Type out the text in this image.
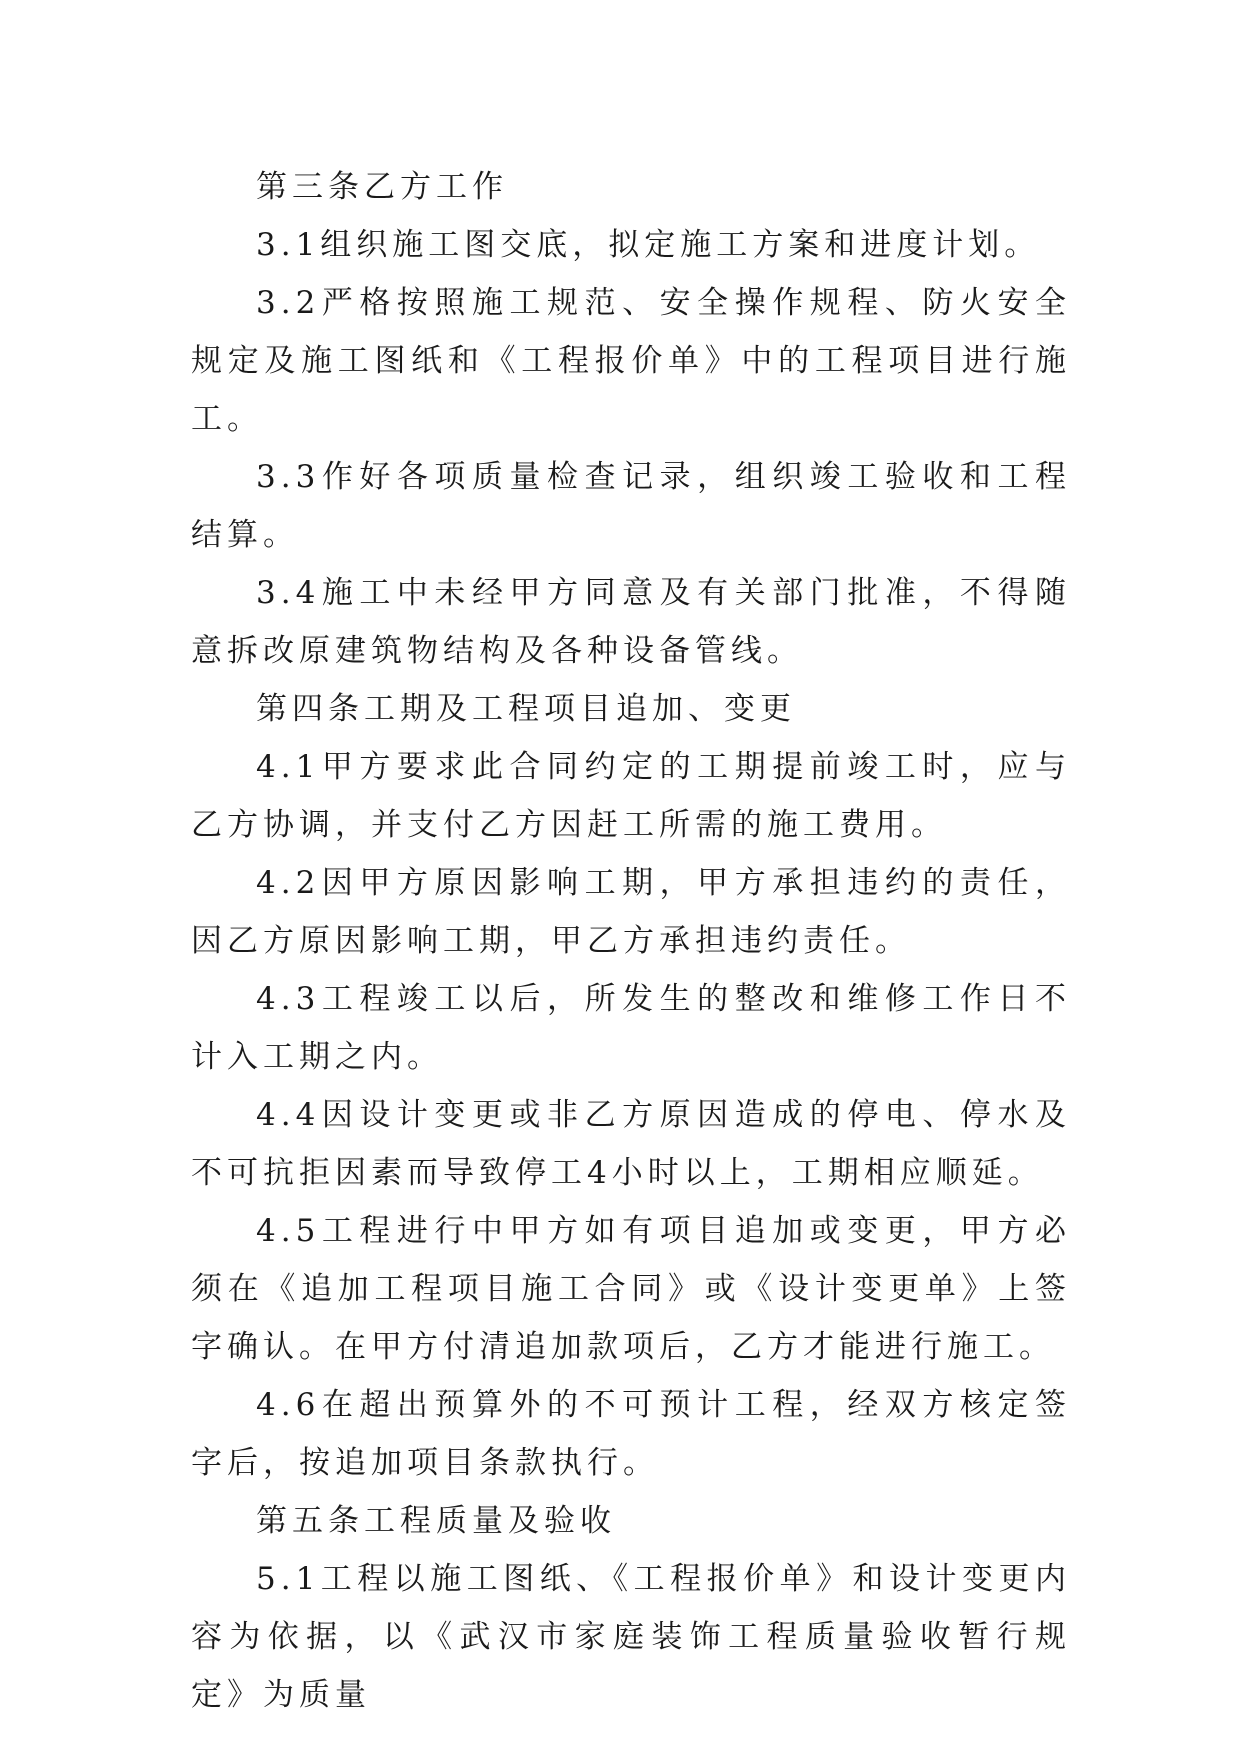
第三条乙方工作

3.1组织施工图交底，拟定施工方案和进度计划。

3.2严格按照施工规范、安全操作规程、防火安全规定及施工图纸和《工程报价单》中的工程项目进行施工。

3.3作好各项质量检查记录，组织竣工验收和工程结算。

3.4施工中未经甲方同意及有关部门批准，不得随意拆改原建筑物结构及各种设备管线。

第四条工期及工程项目追加、变更

4.1甲方要求此合同约定的工期提前竣工时，应与乙方协调，并支付乙方因赶工所需的施工费用。

4.2因甲方原因影响工期，甲方承担违约的责任，因乙方原因影响工期，甲乙方承担违约责任。

4.3工程竣工以后，所发生的整改和维修工作日不计入工期之内。

4.4因设计变更或非乙方原因造成的停电、停水及不可抗拒因素而导致停工4小时以上，工期相应顺延。

4.5工程进行中甲方如有项目追加或变更，甲方必须在《追加工程项目施工合同》或《设计变更单》上签字确认。在甲方付清追加款项后，乙方才能进行施工。

4.6在超出预算外的不可预计工程，经双方核定签字后，按追加项目条款执行。

第五条工程质量及验收

5.1工程以施工图纸、《工程报价单》和设计变更内容为依据，以《武汉市家庭装饰工程质量验收暂行规定》为质量
